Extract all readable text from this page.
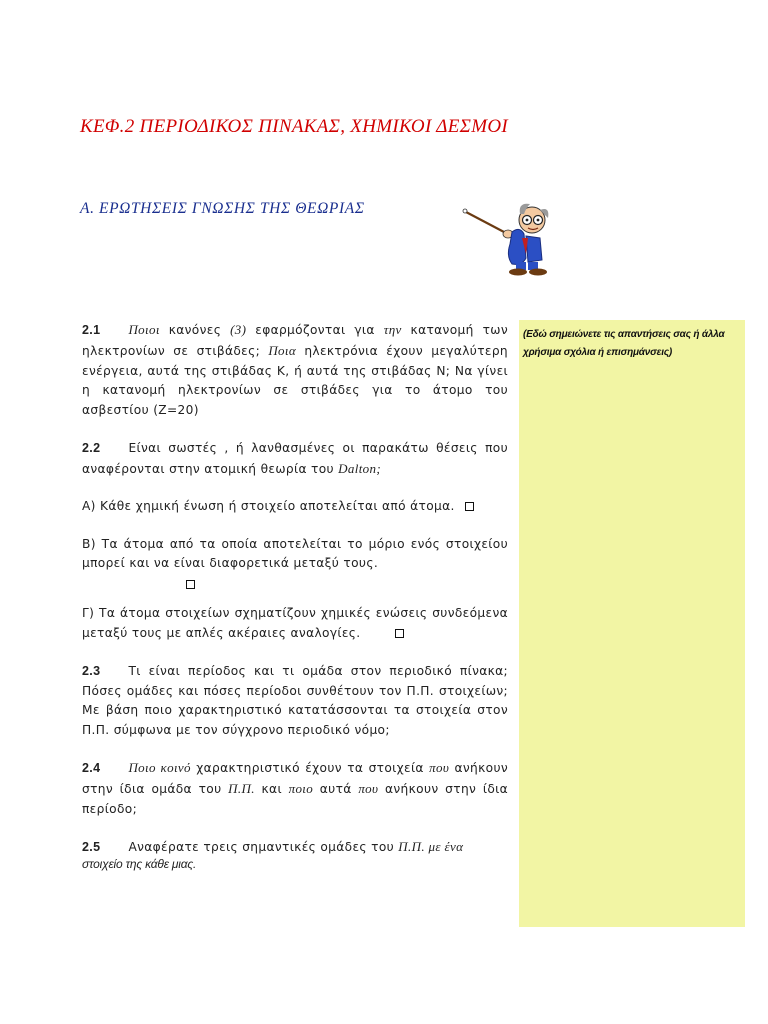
ΚΕΦ.2 ΠΕΡΙΟΔΙΚΟΣ ΠΙΝΑΚΑΣ, ΧΗΜΙΚΟΙ ΔΕΣΜΟΙ
Α. ΕΡΩΤΗΣΕΙΣ ΓΝΩΣΗΣ ΤΗΣ ΘΕΩΡΙΑΣ

2.1 Ποιοι κανόνες (3) εφαρμόζονται για την κατανομή των ηλεκτρονίων σε στιβάδες; Ποια ηλεκτρόνια έχουν μεγαλύτερη ενέργεια, αυτά της στιβάδας Κ, ή αυτά της στιβάδας Ν; Να γίνει η κατανομή ηλεκτρονίων σε στιβάδες για το άτομο του ασβεστίου (Ζ=20)

2.2 Είναι σωστές , ή λανθασμένες οι παρακάτω θέσεις που αναφέρονται στην ατομική θεωρία του Dalton;

Α) Κάθε χημική ένωση ή στοιχείο αποτελείται από άτομα.

Β) Τα άτομα από τα οποία αποτελείται το μόριο ενός στοιχείου μπορεί και να είναι διαφορετικά μεταξύ τους.

Γ) Τα άτομα στοιχείων σχηματίζουν χημικές ενώσεις συνδεόμενα μεταξύ τους με απλές ακέραιες αναλογίες.

2.3 Τι είναι περίοδος και τι ομάδα στον περιοδικό πίνακα; Πόσες ομάδες και πόσες περίοδοι συνθέτουν τον Π.Π. στοιχείων; Με βάση ποιο χαρακτηριστικό κατατάσσονται τα στοιχεία στον Π.Π. σύμφωνα με τον σύγχρονο περιοδικό νόμο;

2.4 Ποιο κοινό χαρακτηριστικό έχουν τα στοιχεία που ανήκουν στην ίδια ομάδα του Π.Π. και ποιο αυτά που ανήκουν στην ίδια περίοδο;

2.5 Αναφέρατε τρεις σημαντικές ομάδες του Π.Π. με ένα
στοιχείο της κάθε μιας.

(Εδώ σημειώνετε τις απαντήσεις σας ή άλλα χρήσιμα σχόλια ή επισημάνσεις)
